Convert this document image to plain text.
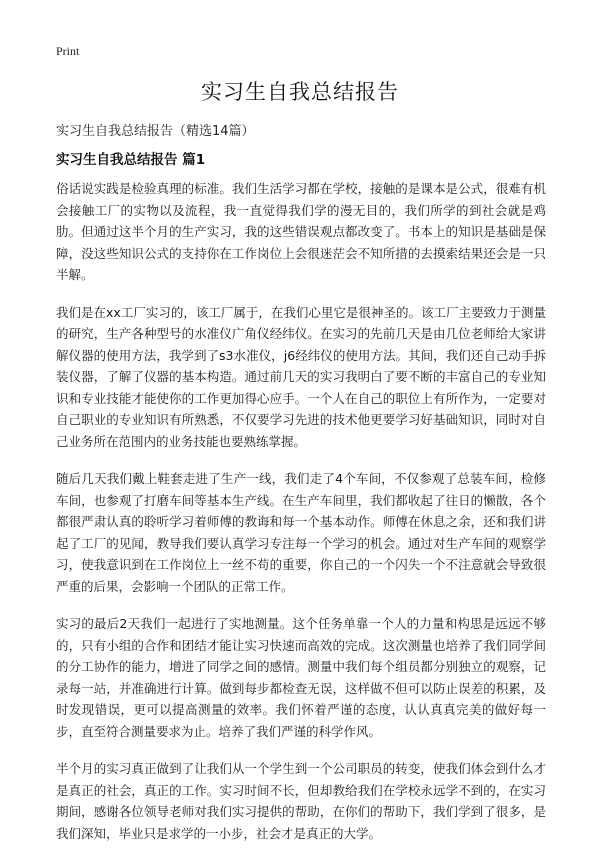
Print
实习生自我总结报告
实习生自我总结报告（精选14篇）
实习生自我总结报告 篇1

俗话说实践是检验真理的标准。我们生活学习都在学校，接触的是课本是公式，很难有机会接触工厂的实物以及流程，我一直觉得我们学的漫无目的，我们所学的到社会就是鸡肋。但通过这半个月的生产实习，我的这些错误观点都改变了。书本上的知识是基础是保障，没这些知识公式的支持你在工作岗位上会很迷茫会不知所措的去摸索结果还会是一只半解。

我们是在xx工厂实习的，该工厂属于，在我们心里它是很神圣的。该工厂主要致力于测量的研究，生产各种型号的水准仪广角仪经纬仪。在实习的先前几天是由几位老师给大家讲解仪器的使用方法，我学到了s3水准仪，j6经纬仪的使用方法。其间，我们还自己动手拆装仪器，了解了仪器的基本构造。通过前几天的实习我明白了要不断的丰富自己的专业知识和专业技能才能使你的工作更加得心应手。一个人在自己的职位上有所作为，一定要对自己职业的专业知识有所熟悉，不仅要学习先进的技术他更要学习好基础知识，同时对自己业务所在范围内的业务技能也要熟练掌握。

随后几天我们戴上鞋套走进了生产一线，我们走了4个车间，不仅参观了总装车间，检修车间，也参观了打磨车间等基本生产线。在生产车间里，我们都收起了往日的懒散，各个都很严肃认真的聆听学习着师傅的教诲和每一个基本动作。师傅在休息之余，还和我们讲起了工厂的见闻，教导我们要认真学习专注每一个学习的机会。通过对生产车间的观察学习，使我意识到在工作岗位上一丝不苟的重要，你自己的一个闪失一个不注意就会导致很严重的后果，会影响一个团队的正常工作。

实习的最后2天我们一起进行了实地测量。这个任务单靠一个人的力量和构思是远远不够的，只有小组的合作和团结才能让实习快速而高效的完成。这次测量也培养了我们同学间的分工协作的能力，增进了同学之间的感情。测量中我们每个组员都分别独立的观察，记录每一站，并准确进行计算。做到每步都检查无误，这样做不但可以防止误差的积累，及时发现错误，更可以提高测量的效率。我们怀着严谨的态度，认认真真完美的做好每一步，直至符合测量要求为止。培养了我们严谨的科学作风。

半个月的实习真正做到了让我们从一个学生到一个公司职员的转变，使我们体会到什么才是真正的社会，真正的工作。实习时间不长，但却教给我们在学校永远学不到的，在实习期间，感谢各位领导老师对我们实习提供的帮助，在你们的帮助下，我们学到了很多，是我们深知，毕业只是求学的一小步，社会才是真正的大学。
